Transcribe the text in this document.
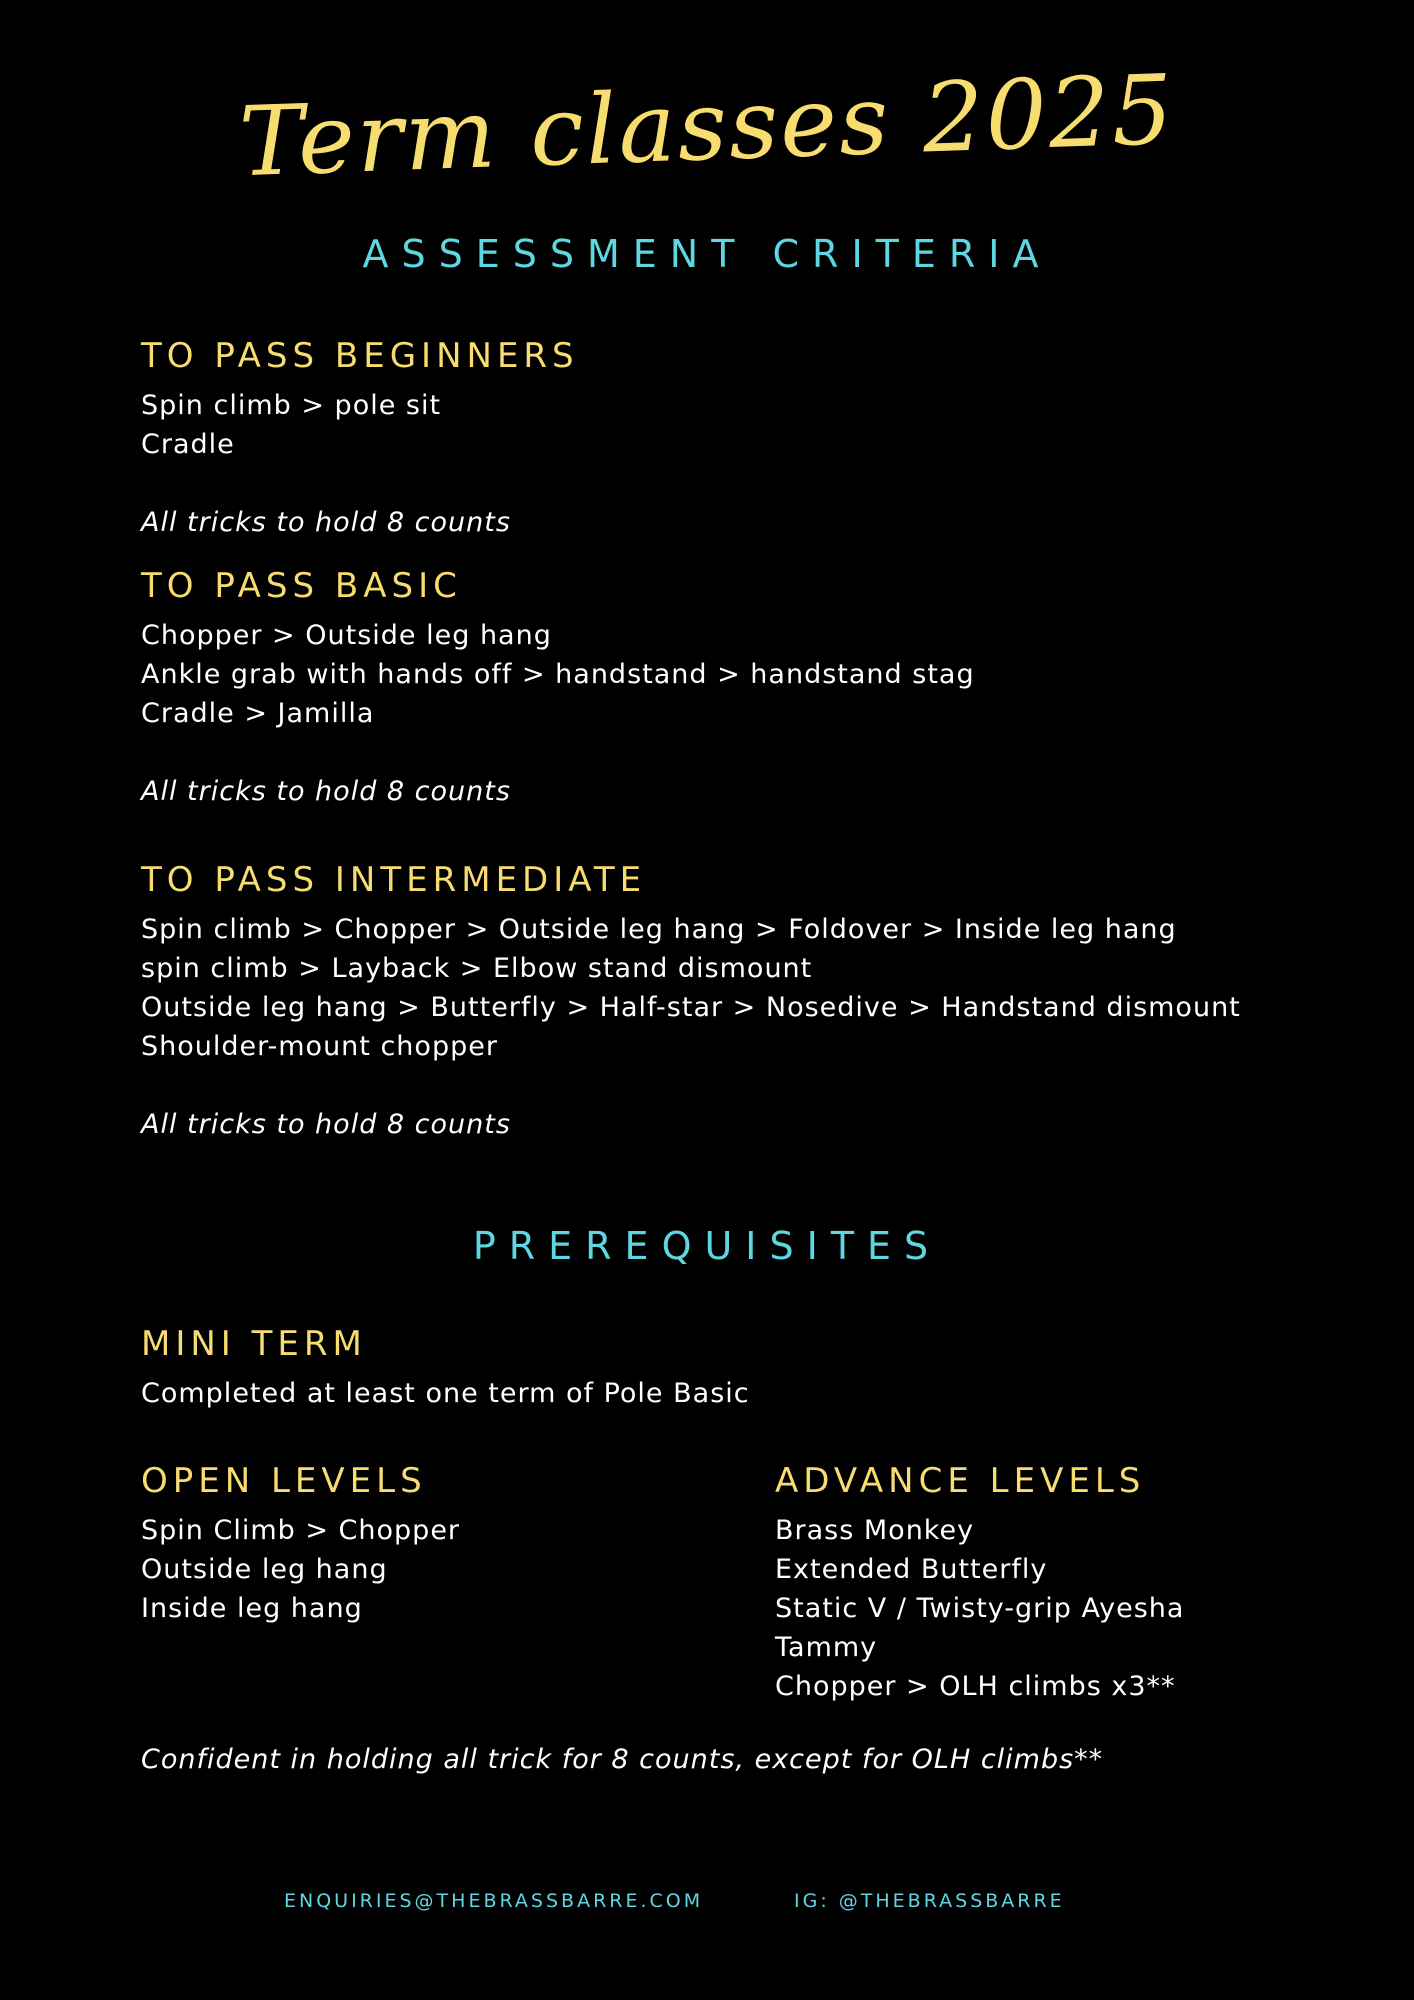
Term classes 2025
ASSESSMENT CRITERIA
TO PASS BEGINNERS

Spin climb > pole sit

Cradle

All tricks to hold 8 counts

TO PASS BASIC

Chopper > Outside leg hang

Ankle grab with hands off > handstand > handstand stag

Cradle > Jamilla

All tricks to hold 8 counts

TO PASS INTERMEDIATE

Spin climb > Chopper > Outside leg hang > Foldover > Inside leg hang

spin climb > Layback > Elbow stand dismount

Outside leg hang > Butterfly > Half-star > Nosedive > Handstand dismount

Shoulder-mount chopper

All tricks to hold 8 counts

PREREQUISITES
MINI TERM

Completed at least one term of Pole Basic

OPEN LEVELS

Spin Climb > Chopper

Outside leg hang

Inside leg hang

ADVANCE LEVELS

Brass Monkey

Extended Butterfly

Static V / Twisty-grip Ayesha

Tammy

Chopper > OLH climbs x3**

Confident in holding all trick for 8 counts, except for OLH climbs**

ENQUIRIES@THEBRASSBARRE.COM	IG: @THEBRASSBARRE
